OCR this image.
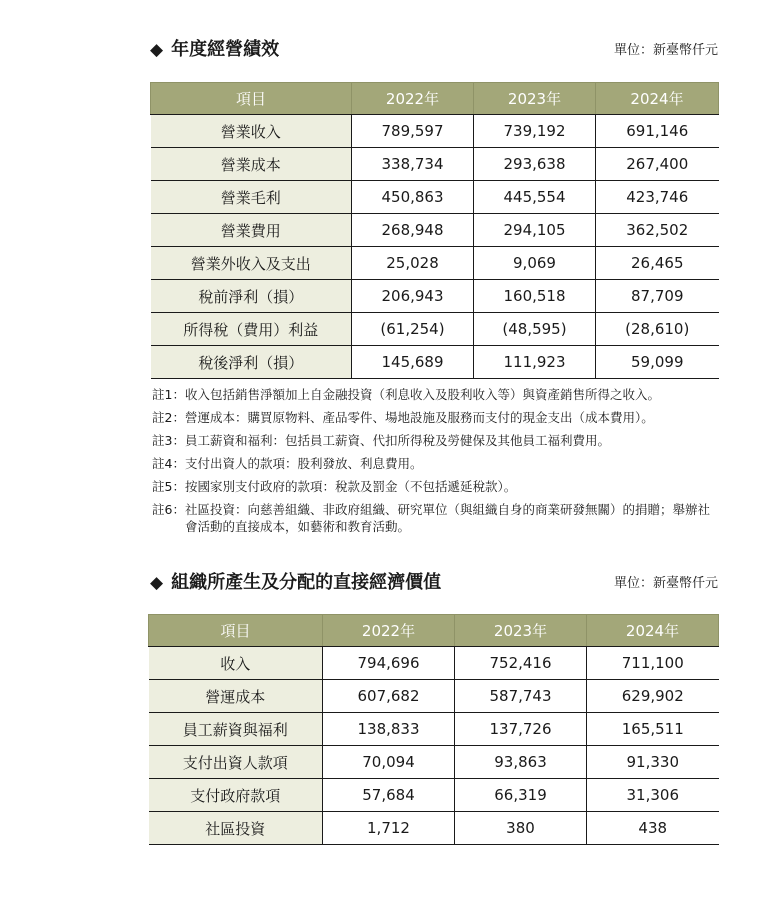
◆ 年度經營績效	單位：新臺幣仟元
項目	2022年	2023年	2024年
營業收入	789,597	739,192	691,146
營業成本	338,734	293,638	267,400
營業毛利	450,863	445,554	423,746
營業費用	268,948	294,105	362,502
營業外收入及支出	25,028	9,069	26,465
稅前淨利（損）	206,943	160,518	87,709
所得稅（費用）利益	(61,254)	(48,595)	(28,610)
稅後淨利（損）	145,689	111,923	59,099
註1： 收入包括銷售淨額加上自金融投資（利息收入及股利收入等）與資產銷售所得之收入。
註2： 營運成本：購買原物料、產品零件、場地設施及服務而支付的現金支出（成本費用）。
註3： 員工薪資和福利：包括員工薪資、代扣所得稅及勞健保及其他員工福利費用。
註4： 支付出資人的款項：股利發放、利息費用。
註5： 按國家別支付政府的款項：稅款及罰金（不包括遞延稅款）。
註6： 社區投資：向慈善組織、非政府組織、研究單位（與組織自身的商業研發無關）的捐贈；舉辦社會活動的直接成本，如藝術和教育活動。
◆ 組織所產生及分配的直接經濟價值	單位：新臺幣仟元
項目	2022年	2023年	2024年
收入	794,696	752,416	711,100
營運成本	607,682	587,743	629,902
員工薪資與福利	138,833	137,726	165,511
支付出資人款項	70,094	93,863	91,330
支付政府款項	57,684	66,319	31,306
社區投資	1,712	380	438
